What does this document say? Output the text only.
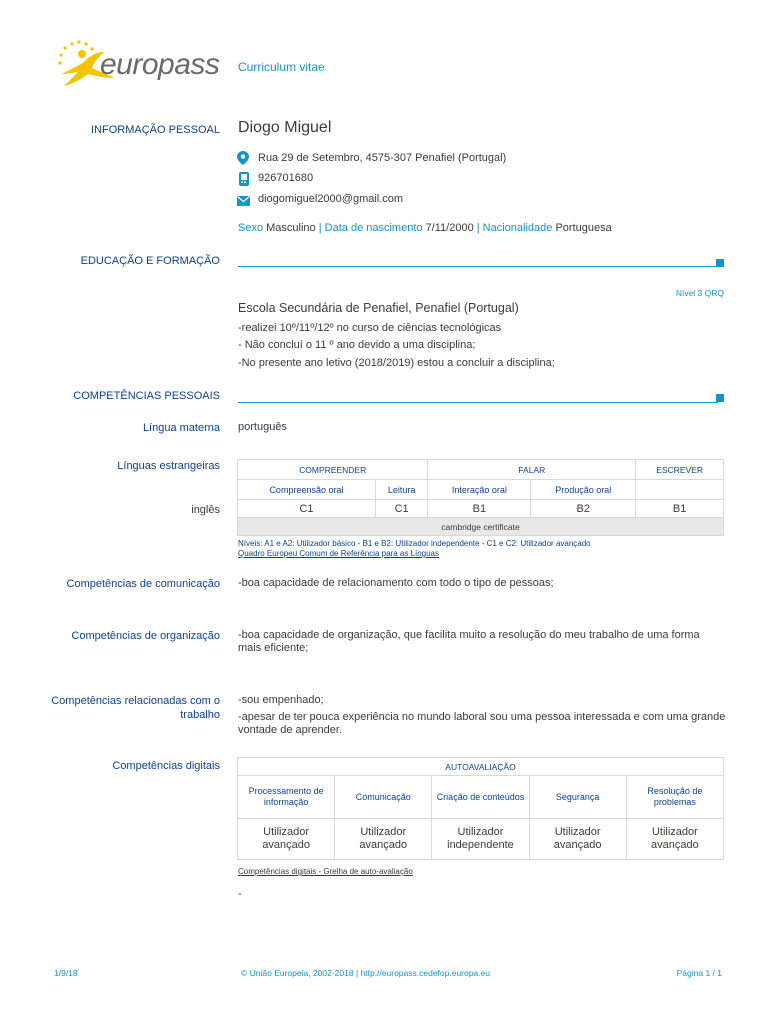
europass Curriculum vitae
INFORMAÇÃO PESSOAL Diogo Miguel
Rua 29 de Setembro, 4575-307 Penafiel (Portugal)
926701680
diogomiguel2000@gmail.com
Sexo Masculino | Data de nascimento 7/11/2000 | Nacionalidade Portuguesa
EDUCAÇÃO E FORMAÇÃO
Nível 3 QRQ
Escola Secundária de Penafiel, Penafiel (Portugal)
-realizei 10º/11º/12º no curso de ciências tecnológicas
- Não concluí o 11 º ano devido a uma disciplina;
-No presente ano letivo (2018/2019) estou a concluir a disciplina;
COMPETÊNCIAS PESSOAIS
Língua materna português
Línguas estrangeiras
inglês
COMPREENDER		FALAR		ESCREVER
Compreensão oral	Leitura	Interação oral	Produção oral	
C1	C1	B1	B2	B1
cambridge certificate				
Níveis: A1 e A2: Utilizador básico - B1 e B2: Utilizador independente - C1 e C2: Utilizador avançado
Quadro Europeu Comum de Referência para as Línguas
Competências de comunicação -boa capacidade de relacionamento com todo o tipo de pessoas;
Competências de organização -boa capacidade de organização, que facilita muito a resolução do meu trabalho de uma forma mais eficiente;
Competências relacionadas com o trabalho
-sou empenhado;
-apesar de ter pouca experiência no mundo laboral sou uma pessoa interessada e com uma grande vontade de aprender.
Competências digitais	AUTOAVALIAÇÃO				
Processamento de informação	Comunicação	Criação de conteúdos	Segurança	Resolução de problemas
Utilizador avançado	Utilizador avançado	Utilizador independente	Utilizador avançado	Utilizador avançado
Competências digitais - Grelha de auto-avaliação
-
1/9/18	© União Europeia, 2002-2018 | http://europass.cedefop.europa.eu	Página 1 / 1
